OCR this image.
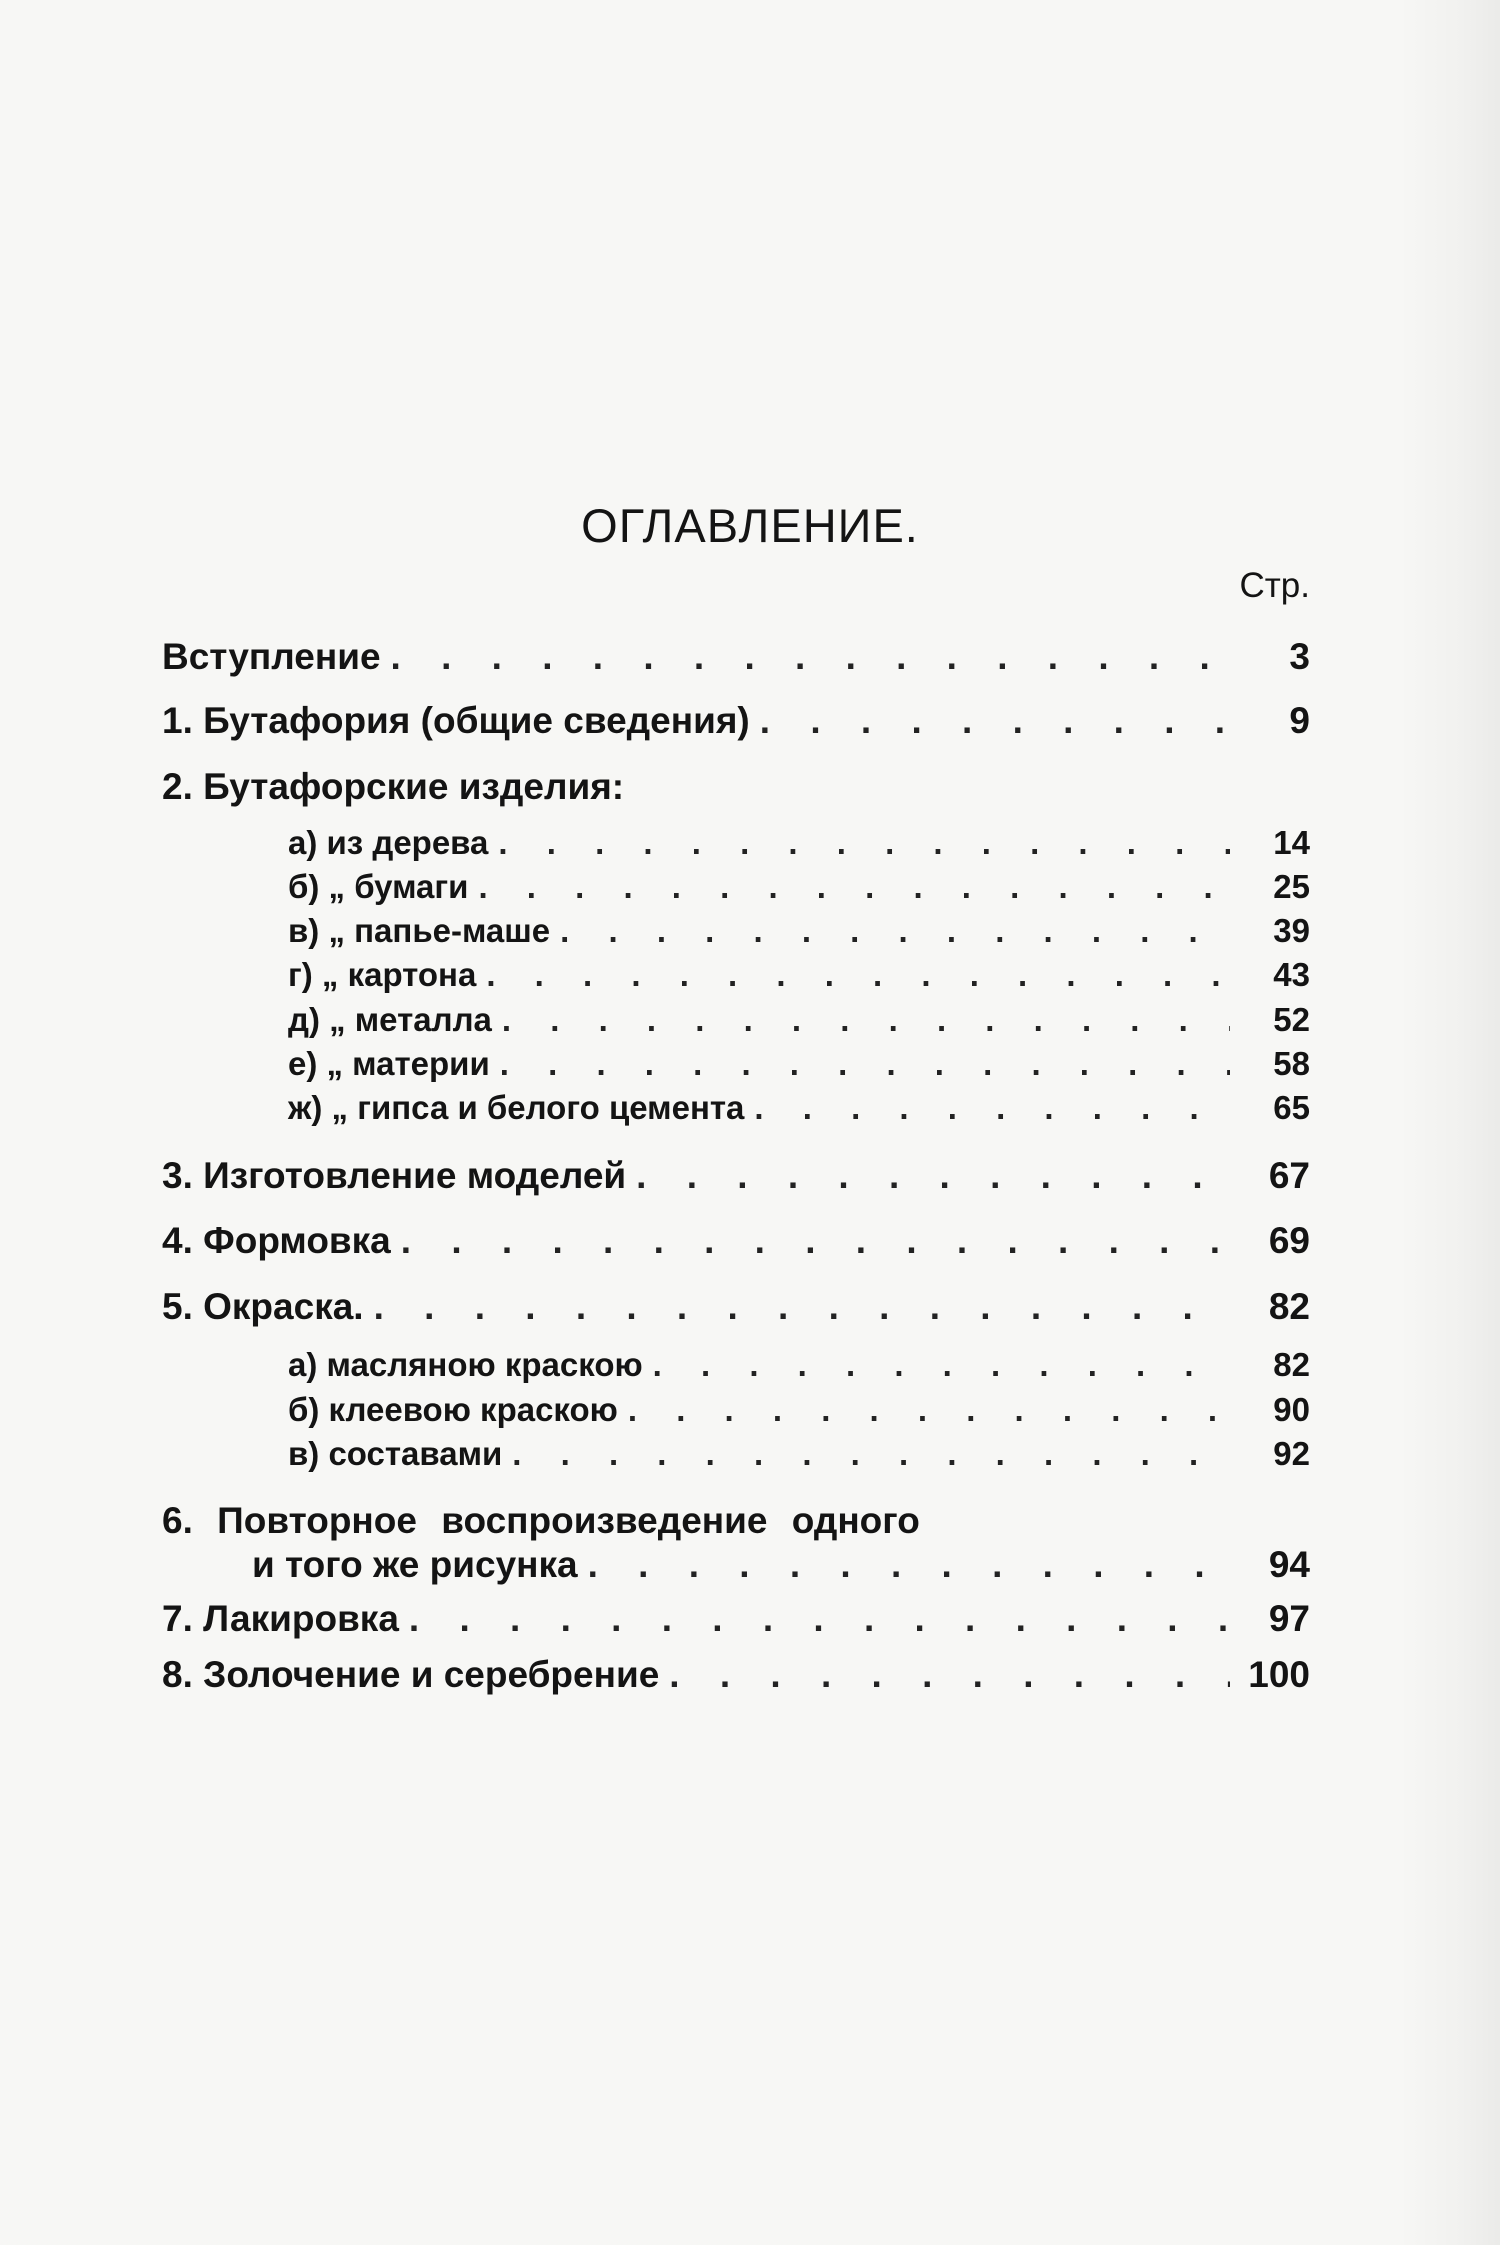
ОГЛАВЛЕНИЕ.
Стр.
Вступление . . .	3
1. Бутафория (общие сведения) . . .	9
2. Бутафорские изделия:
а) из дерева . . .	14
б) „ бумаги . . .	25
в) „ папье-маше . . .	39
г) „ картона . . .	43
д) „ металла . . .	52
е) „ материи . . .	58
ж) „ гипса и белого цемента . . .	65
3. Изготовление моделей . . .	67
4. Формовка . . .	69
5. Окраска. . . .	82
а) масляною краскою . . .	82
б) клеевою краскою . . .	90
в) составами . . .	92
6. Повторное воспроизведение одного
и того же рисунка . . .	94
7. Лакировка . . .	97
8. Золочение и серебрение . . .	100
